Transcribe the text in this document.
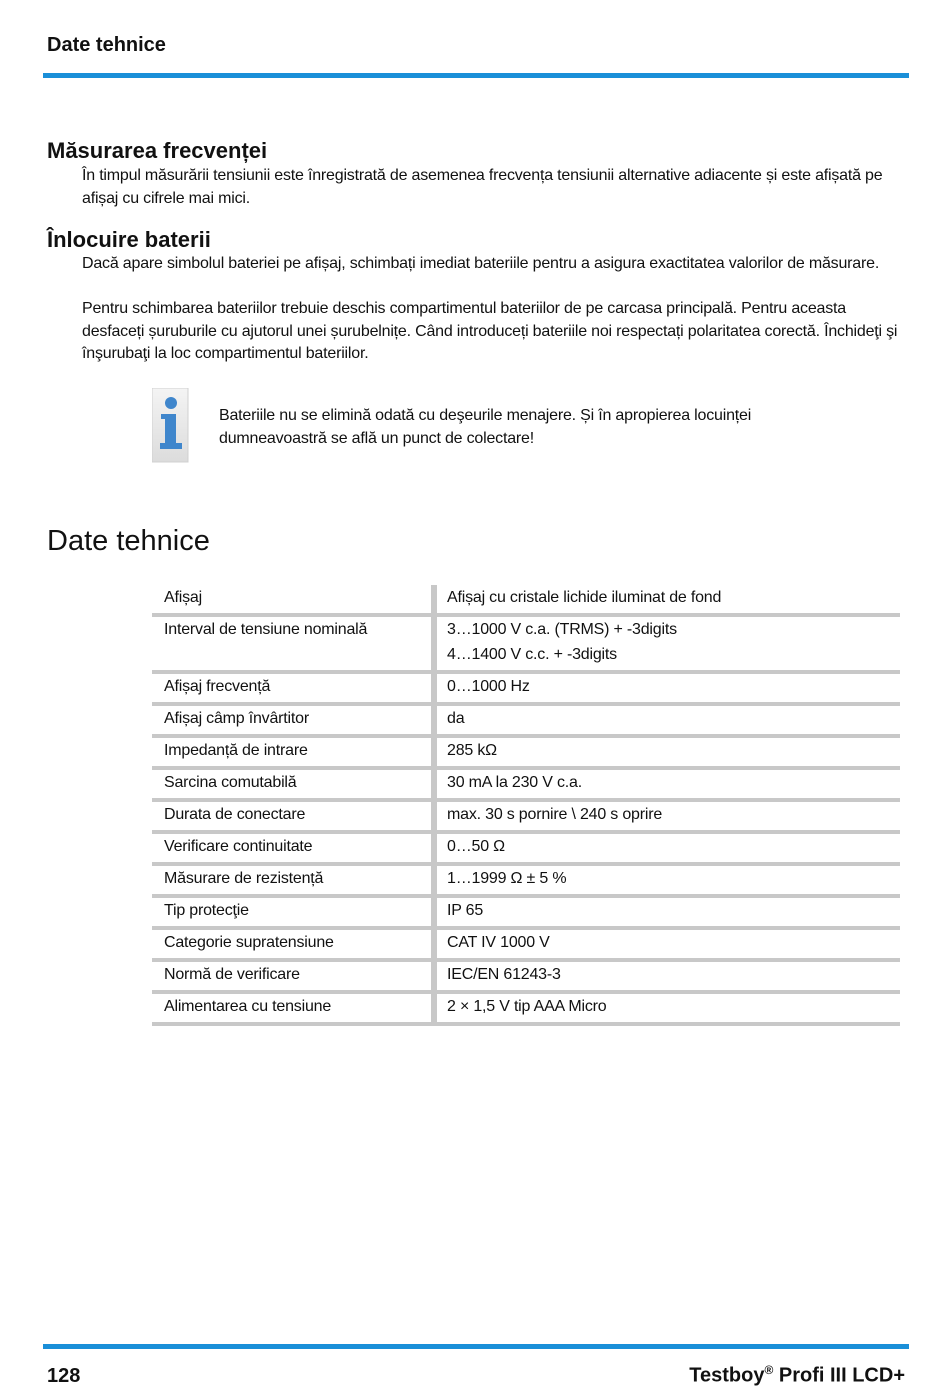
Date tehnice
Măsurarea frecvenței
În timpul măsurării tensiunii este înregistrată de asemenea frecvența tensiunii alternative adiacente și este afișată pe afișaj cu cifrele mai mici.
Înlocuire baterii
Dacă apare simbolul bateriei pe afișaj, schimbați imediat bateriile pentru a asigura exactitatea valorilor de măsurare.
Pentru schimbarea bateriilor trebuie deschis compartimentul bateriilor de pe carcasa principală. Pentru aceasta desfaceți șuruburile cu ajutorul unei șurubelnițe. Când introduceți bateriile noi respectați polaritatea corectă. Închideţi şi înşurubaţi la loc compartimentul bateriilor.
Bateriile nu se elimină odată cu deşeurile menajere. Și în apropierea locuinței
dumneavoastră se află un punct de colectare!
Date tehnice
Afișaj	Afișaj cu cristale lichide iluminat de fond

Interval de tensiune nominală	3…1000 V c.a. (TRMS) + -3digits
4…1400 V c.c. + -3digits

Afișaj frecvență	0…1000 Hz

Afișaj câmp învârtitor	da

Impedanță de intrare	285 kΩ

Sarcina comutabilă	30 mA la 230 V c.a.

Durata de conectare	max. 30 s pornire \ 240 s oprire

Verificare continuitate	0…50 Ω

Măsurare de rezistență	1…1999 Ω ± 5 %

Tip protecţie	IP 65

Categorie supratensiune	CAT IV 1000 V

Normă de verificare	IEC/EN 61243-3

Alimentarea cu tensiune	2 × 1,5 V tip AAA Micro
128	Testboy® Profi III LCD+
